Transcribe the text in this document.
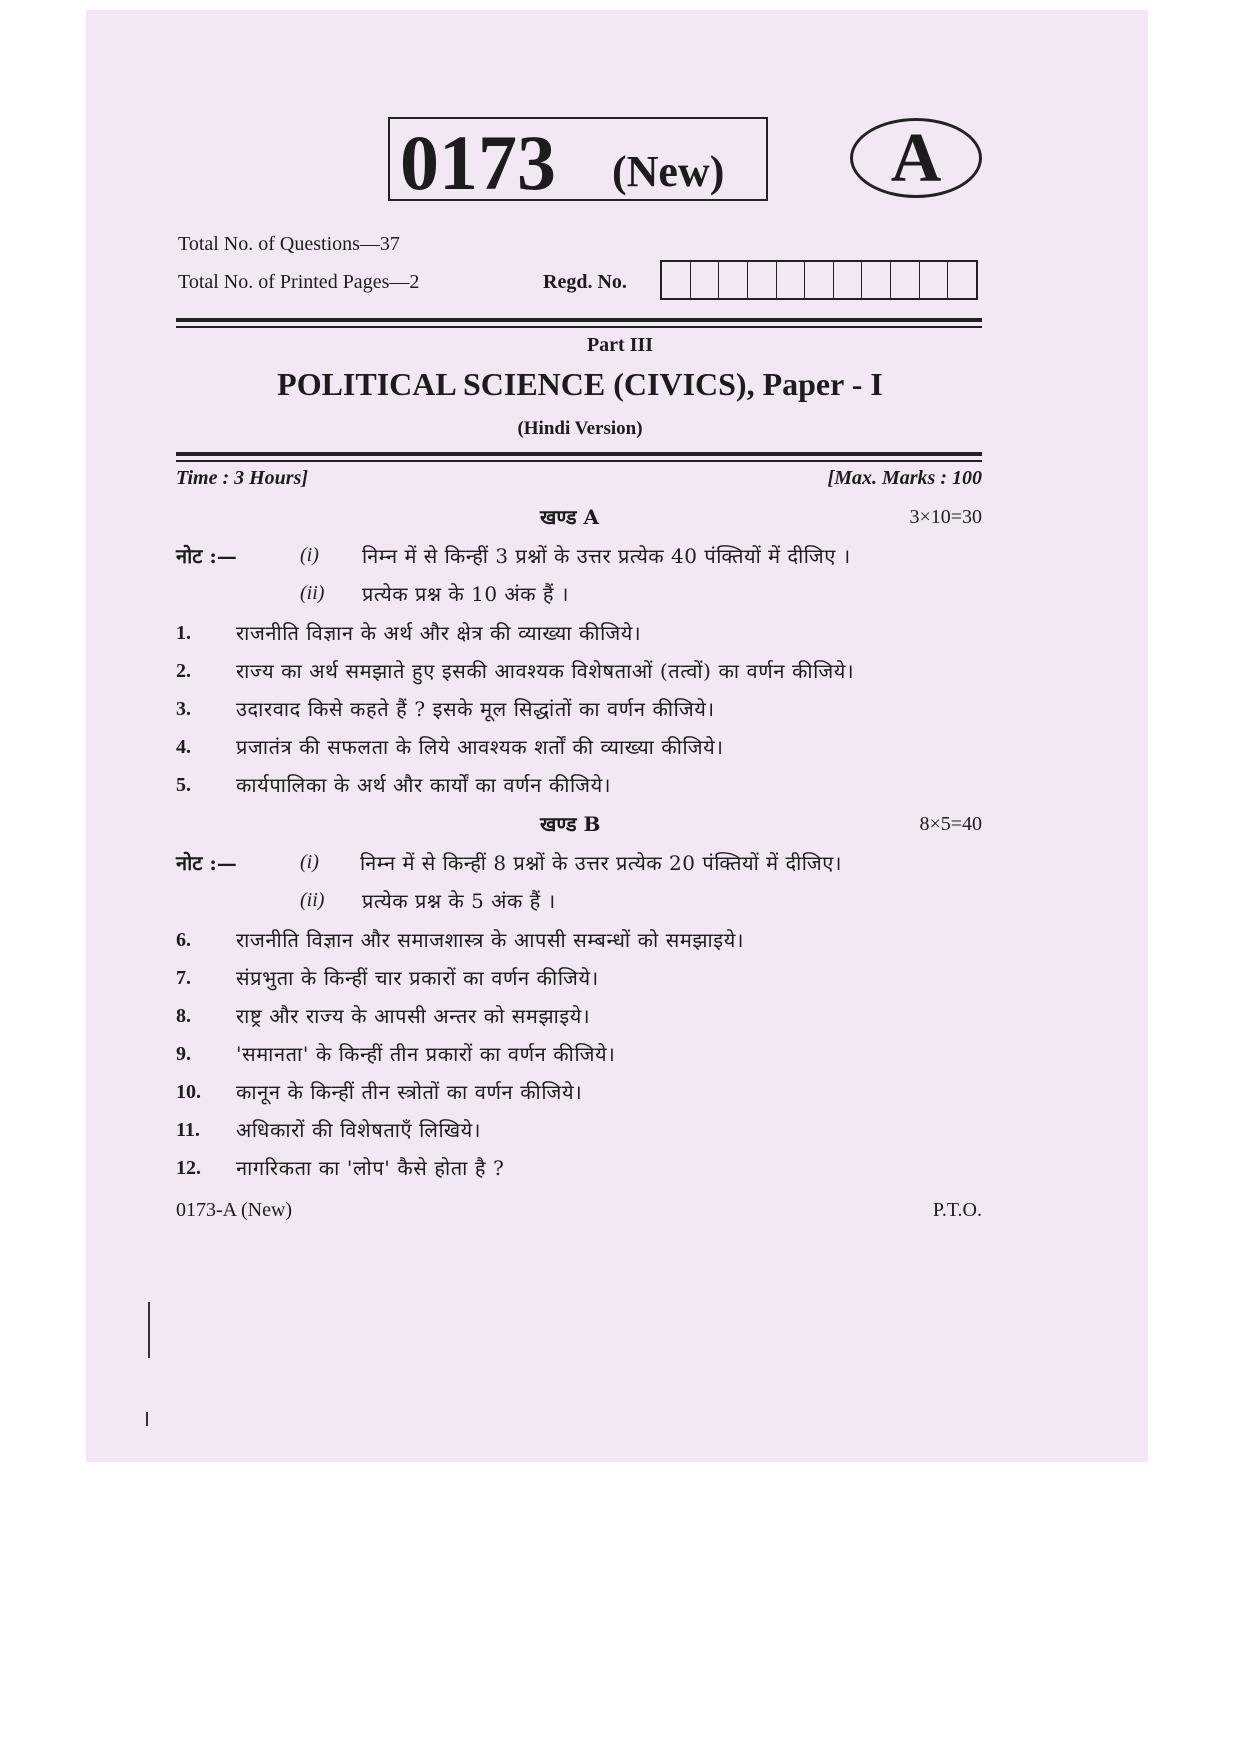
0173 (New)	A
Total No. of Questions—37
Total No. of Printed Pages—2	Regd. No.
Part III
POLITICAL SCIENCE (CIVICS), Paper - I
(Hindi Version)
Time : 3 Hours]	[Max. Marks : 100
खण्ड A	3×10=30
नोट :—	(i) निम्न में से किन्हीं 3 प्रश्नों के उत्तर प्रत्येक 40 पंक्तियों में दीजिए ।
(ii) प्रत्येक प्रश्न के 10 अंक हैं ।
1. राजनीति विज्ञान के अर्थ और क्षेत्र की व्याख्या कीजिये।
2. राज्य का अर्थ समझाते हुए इसकी आवश्यक विशेषताओं (तत्वों) का वर्णन कीजिये।
3. उदारवाद किसे कहते हैं ? इसके मूल सिद्धांतों का वर्णन कीजिये।
4. प्रजातंत्र की सफलता के लिये आवश्यक शर्तों की व्याख्या कीजिये।
5. कार्यपालिका के अर्थ और कार्यों का वर्णन कीजिये।
खण्ड B	8×5=40
नोट :—	(i) निम्न में से किन्हीं 8 प्रश्नों के उत्तर प्रत्येक 20 पंक्तियों में दीजिए।
(ii) प्रत्येक प्रश्न के 5 अंक हैं ।
6. राजनीति विज्ञान और समाजशास्त्र के आपसी सम्बन्धों को समझाइये।
7. संप्रभुता के किन्हीं चार प्रकारों का वर्णन कीजिये।
8. राष्ट्र और राज्य के आपसी अन्तर को समझाइये।
9. 'समानता' के किन्हीं तीन प्रकारों का वर्णन कीजिये।
10. कानून के किन्हीं तीन स्त्रोतों का वर्णन कीजिये।
11. अधिकारों की विशेषताएँ लिखिये।
12. नागरिकता का 'लोप' कैसे होता है ?
0173-A (New)	P.T.O.
